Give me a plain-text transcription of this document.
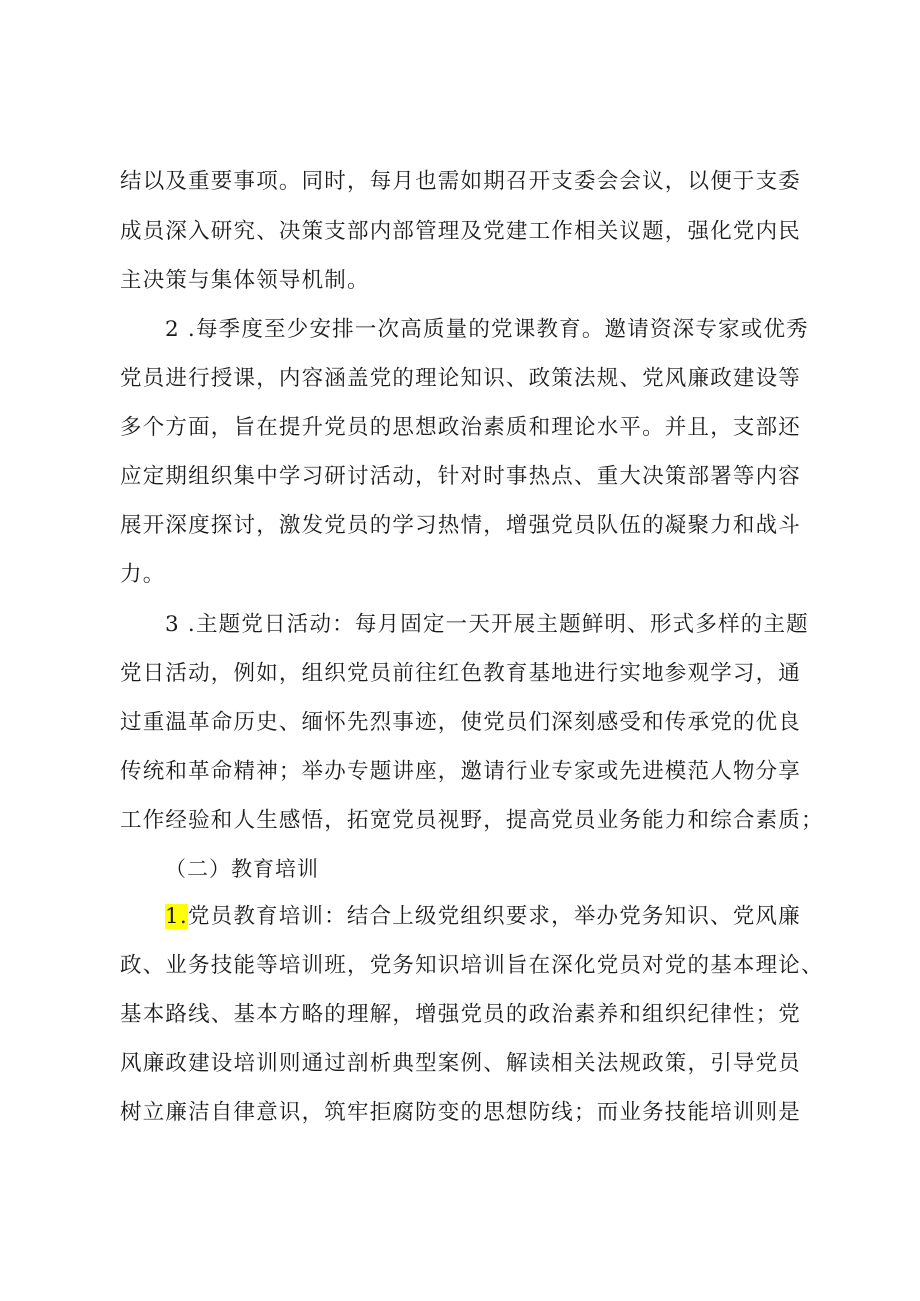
结以及重要事项。同时，每月也需如期召开支委会会议，以便于支委
成员深入研究、决策支部内部管理及党建工作相关议题，强化党内民
主决策与集体领导机制。
2 .每季度至少安排一次高质量的党课教育。邀请资深专家或优秀
党员进行授课，内容涵盖党的理论知识、政策法规、党风廉政建设等
多个方面，旨在提升党员的思想政治素质和理论水平。并且，支部还
应定期组织集中学习研讨活动，针对时事热点、重大决策部署等内容
展开深度探讨，激发党员的学习热情，增强党员队伍的凝聚力和战斗
力。
3 .主题党日活动：每月固定一天开展主题鲜明、形式多样的主题
党日活动，例如，组织党员前往红色教育基地进行实地参观学习，通
过重温革命历史、缅怀先烈事迹，使党员们深刻感受和传承党的优良
传统和革命精神；举办专题讲座，邀请行业专家或先进模范人物分享
工作经验和人生感悟，拓宽党员视野，提高党员业务能力和综合素质；
（二）教育培训
1.党员教育培训：结合上级党组织要求，举办党务知识、党风廉
政、业务技能等培训班，党务知识培训旨在深化党员对党的基本理论、
基本路线、基本方略的理解，增强党员的政治素养和组织纪律性；党
风廉政建设培训则通过剖析典型案例、解读相关法规政策，引导党员
树立廉洁自律意识，筑牢拒腐防变的思想防线；而业务技能培训则是
